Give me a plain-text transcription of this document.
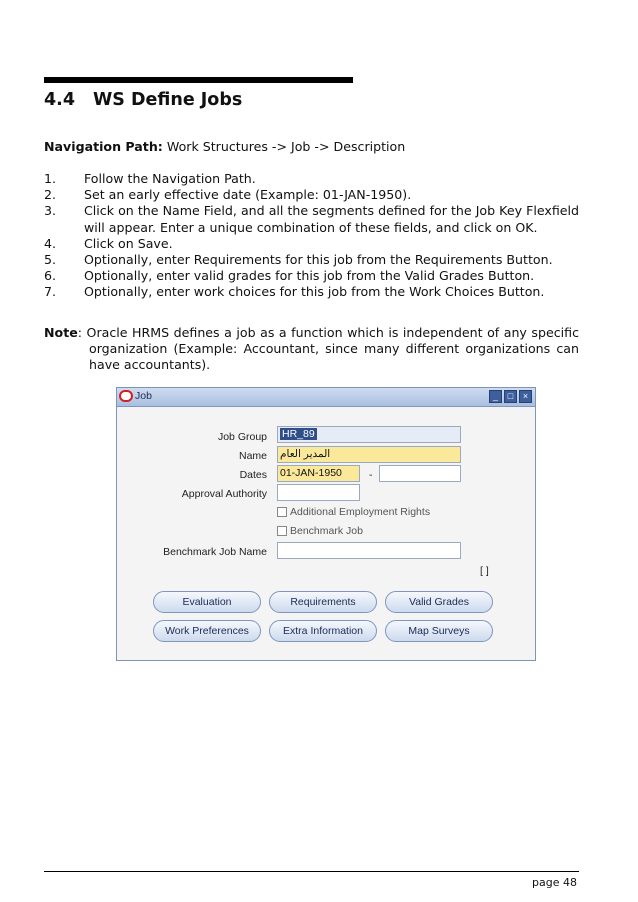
4.4 WS Define Jobs
Navigation Path: Work Structures -> Job -> Description
1.	Follow the Navigation Path.
2.	Set an early effective date (Example: 01-JAN-1950).
3.	Click on the Name Field, and all the segments defined for the Job Key Flexfield will appear. Enter a unique combination of these fields, and click on OK.
4.	Click on Save.
5.	Optionally, enter Requirements for this job from the Requirements Button.
6.	Optionally, enter valid grades for this job from the Valid Grades Button.
7.	Optionally, enter work choices for this job from the Work Choices Button.
Note: Oracle HRMS defines a job as a function which is independent of any specific
organization (Example: Accountant, since many different organizations can
have accountants).
Job	_	□	×
Job Group	HR_89
Name المدير العام
Dates 01-JAN-1950	-
Approval Authority
Additional Employment Rights
Benchmark Job
Benchmark Job Name
[ ]
Evaluation	Requirements	Valid Grades
Work Preferences	Extra Information	Map Surveys
page 48
